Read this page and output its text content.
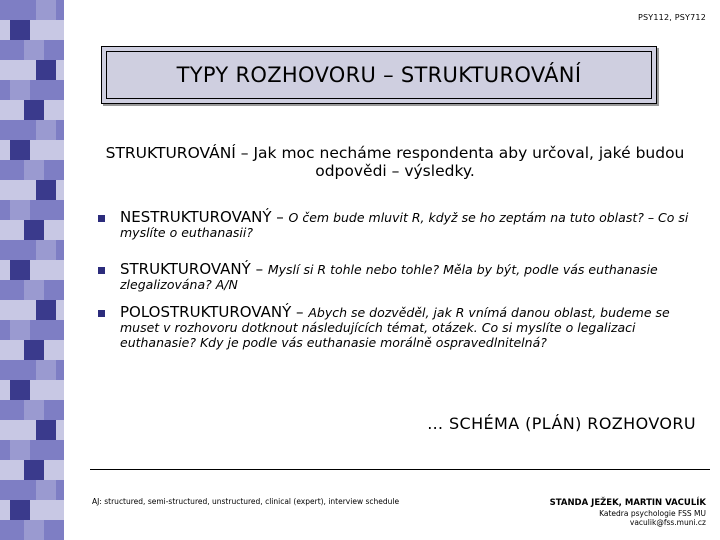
PSY112, PSY712
TYPY ROZHOVORU – STRUKTUROVÁNÍ
STRUKTUROVÁNÍ – Jak moc necháme respondenta aby určoval, jaké budou odpovědi – výsledky.
NESTRUKTUROVANÝ – O čem bude mluvit R, když se ho zeptám na tuto oblast? – Co si myslíte o euthanasii?
STRUKTUROVANÝ – Myslí si R tohle nebo tohle? Měla by být, podle vás euthanasie zlegalizována? A/N
POLOSTRUKTUROVANÝ – Abych se dozvěděl, jak R vnímá danou oblast, budeme se muset v rozhovoru dotknout následujících témat, otázek. Co si myslíte o legalizaci euthanasie? Kdy je podle vás euthanasie morálně ospravedlnitelná?
… SCHÉMA (PLÁN) ROZHOVORU
AJ: structured, semi-structured, unstructured, clinical (expert), interview schedule	STANDA JEŽEK, MARTIN VACULÍK
Katedra psychologie FSS MU
vaculik@fss.muni.cz
